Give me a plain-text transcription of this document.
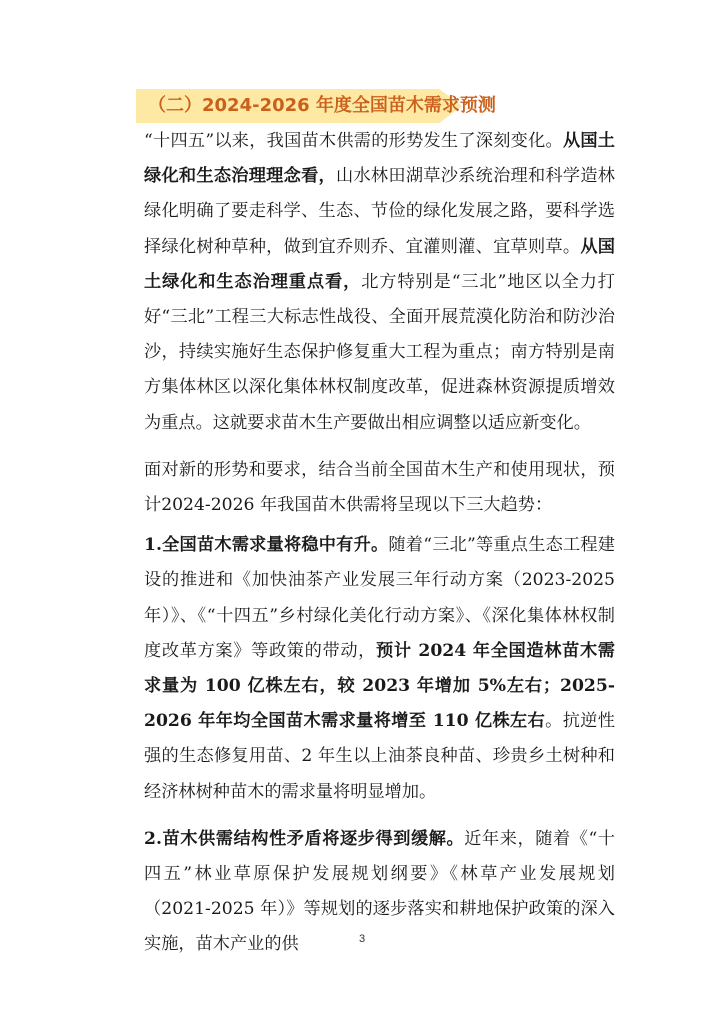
（二）2024-2026 年度全国苗木需求预测

“十四五”以来，我国苗木供需的形势发生了深刻变化。从国土绿化和生态治理理念看，山水林田湖草沙系统治理和科学造林绿化明确了要走科学、生态、节俭的绿化发展之路，要科学选择绿化树种草种，做到宜乔则乔、宜灌则灌、宜草则草。从国土绿化和生态治理重点看，北方特别是“三北”地区以全力打好“三北”工程三大标志性战役、全面开展荒漠化防治和防沙治沙，持续实施好生态保护修复重大工程为重点；南方特别是南方集体林区以深化集体林权制度改革，促进森林资源提质增效为重点。这就要求苗木生产要做出相应调整以适应新变化。

面对新的形势和要求，结合当前全国苗木生产和使用现状，预计2024-2026 年我国苗木供需将呈现以下三大趋势：

1.全国苗木需求量将稳中有升。随着“三北”等重点生态工程建设的推进和《加快油茶产业发展三年行动方案（2023-2025 年）》、《“十四五”乡村绿化美化行动方案》、《深化集体林权制度改革方案》等政策的带动，预计 2024 年全国造林苗木需求量为 100 亿株左右，较 2023 年增加 5%左右；2025-2026 年年均全国苗木需求量将增至 110 亿株左右。抗逆性强的生态修复用苗、2 年生以上油茶良种苗、珍贵乡土树种和经济林树种苗木的需求量将明显增加。

2.苗木供需结构性矛盾将逐步得到缓解。近年来，随着《“十四五”林业草原保护发展规划纲要》《林草产业发展规划（2021-2025 年）》等规划的逐步落实和耕地保护政策的深入实施，苗木产业的供	3
